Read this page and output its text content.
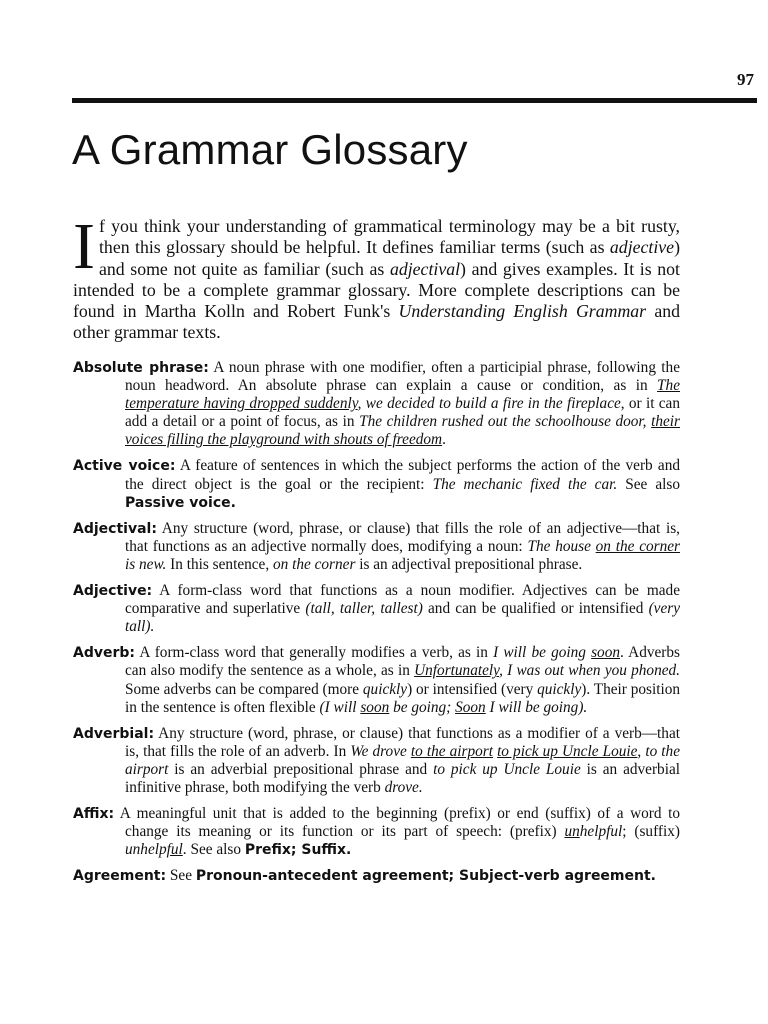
97
A Grammar Glossary

If you think your understanding of grammatical terminology may be a bit rusty, then this glossary should be helpful. It defines familiar terms (such as adjective) and some not quite as familiar (such as adjectival) and gives examples. It is not intended to be a complete grammar glossary. More complete descriptions can be found in Martha Kolln and Robert Funk's Understanding English Grammar and other grammar texts.

Absolute phrase: A noun phrase with one modifier, often a participial phrase, following the noun headword. An absolute phrase can explain a cause or condition, as in The temperature having dropped suddenly, we decided to build a fire in the fireplace, or it can add a detail or a point of focus, as in The children rushed out the schoolhouse door, their voices filling the playground with shouts of freedom.

Active voice: A feature of sentences in which the subject performs the action of the verb and the direct object is the goal or the recipient: The mechanic fixed the car. See also Passive voice.

Adjectival: Any structure (word, phrase, or clause) that fills the role of an adjective—that is, that functions as an adjective normally does, modifying a noun: The house on the corner is new. In this sentence, on the corner is an adjectival prepositional phrase.

Adjective: A form-class word that functions as a noun modifier. Adjectives can be made comparative and superlative (tall, taller, tallest) and can be qualified or intensified (very tall).

Adverb: A form-class word that generally modifies a verb, as in I will be going soon. Adverbs can also modify the sentence as a whole, as in Unfortunately, I was out when you phoned. Some adverbs can be compared (more quickly) or intensified (very quickly). Their position in the sentence is often flexible (I will soon be going; Soon I will be going).

Adverbial: Any structure (word, phrase, or clause) that functions as a modifier of a verb—that is, that fills the role of an adverb. In We drove to the airport to pick up Uncle Louie, to the airport is an adverbial prepositional phrase and to pick up Uncle Louie is an adverbial infinitive phrase, both modifying the verb drove.

Affix: A meaningful unit that is added to the beginning (prefix) or end (suffix) of a word to change its meaning or its function or its part of speech: (prefix) unhelpful; (suffix) unhelpful. See also Prefix; Suffix.

Agreement: See Pronoun-antecedent agreement; Subject-verb agreement.
